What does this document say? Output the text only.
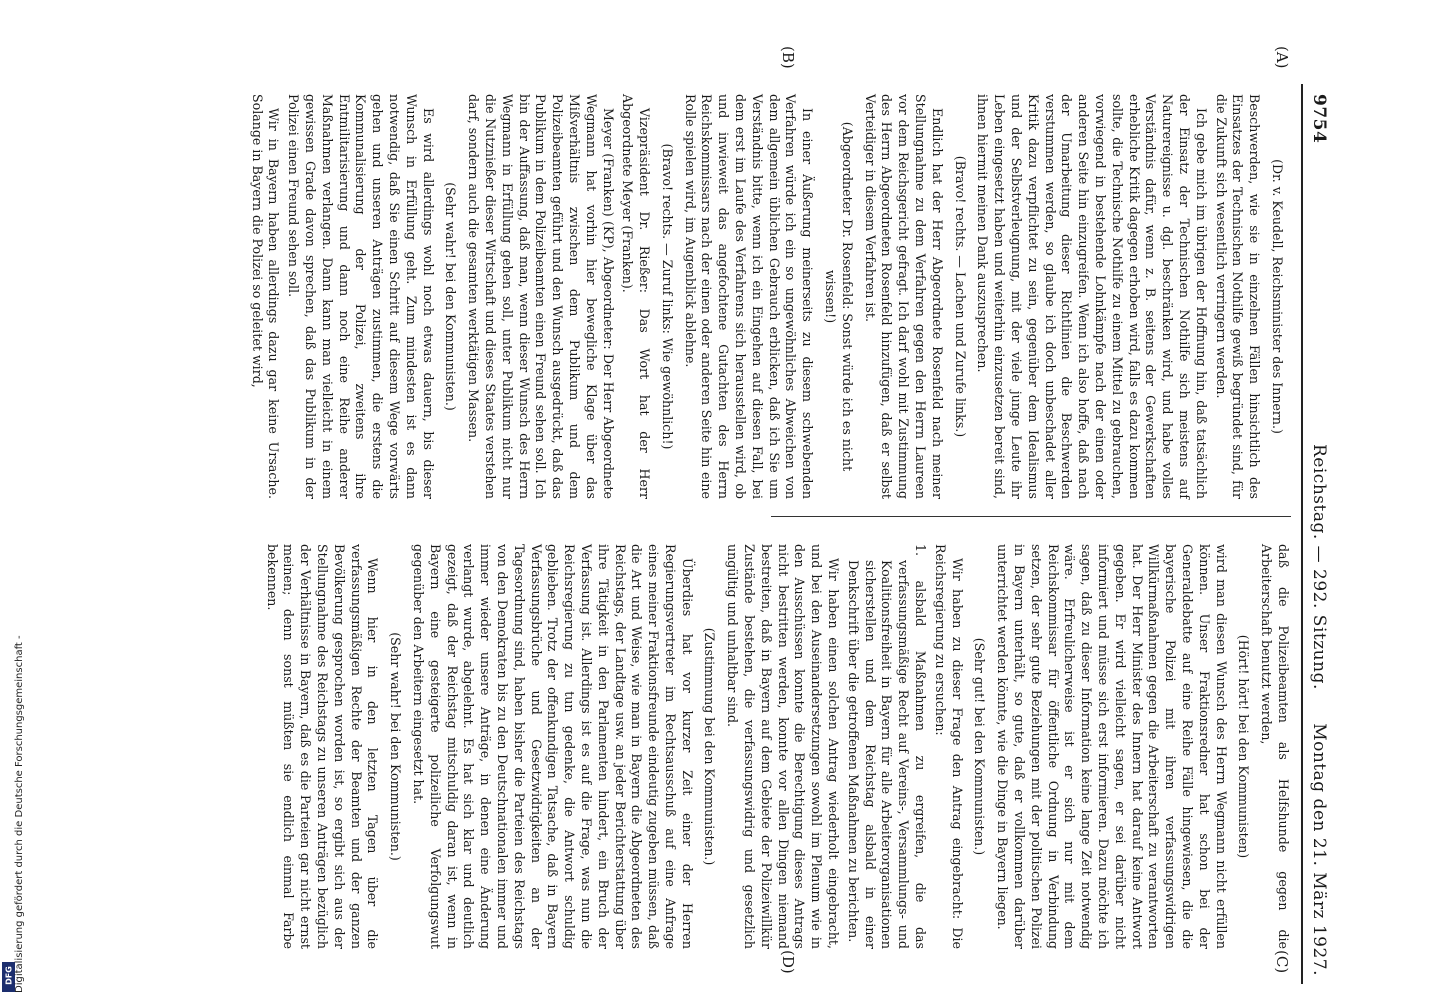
9754
Reichstag. — 292. Sitzung.
Montag den 21. März 1927.

(Dr. v. Keudell, Reichsminister des Innern.)

Beschwerden, wie sie in einzelnen Fällen hinsichtlich des Einsatzes der Technischen Nothilfe gewiß begründet sind, für die Zukunft sich wesentlich verringern werden.

Ich gebe mich im übrigen der Hoffnung hin, daß tatsächlich der Einsatz der Technischen Nothilfe sich meistens auf Naturereignisse u. dgl. beschränken wird, und habe volles Verständnis dafür, wenn z. B. seitens der Gewerkschaften erhebliche Kritik dagegen erhoben wird, falls es dazu kommen sollte, die Technische Nothilfe zu einem Mittel zu gebrauchen, vorwiegend in bestehende Lohnkämpfe nach der einen oder anderen Seite hin einzugreifen. Wenn ich also hoffe, daß nach der Umarbeitung dieser Richtlinien die Beschwerden verstummen werden, so glaube ich doch unbeschadet aller Kritik dazu verpflichtet zu sein, gegenüber dem Idealismus und der Selbstverleugnung, mit der viele junge Leute ihr Leben eingesetzt haben und weiterhin einzusetzen bereit sind, ihnen hiermit meinen Dank auszusprechen.

(Bravo! rechts. — Lachen und Zurufe links.)

Endlich hat der Herr Abgeordnete Rosenfeld nach meiner Stellungnahme zu dem Verfahren gegen den Herrn Laureen vor dem Reichsgericht gefragt. Ich darf wohl mit Zustimmung des Herrn Abgeordneten Rosenfeld hinzufügen, daß er selbst Verteidiger in diesem Verfahren ist.

(Abgeordneter Dr. Rosenfeld: Sonst würde ich es nicht wissen!)

In einer Äußerung meinerseits zu diesem schwebenden Verfahren würde ich ein so ungewöhnliches Abweichen von dem allgemein üblichen Gebrauch erblicken, daß ich Sie um Verständnis bitte, wenn ich ein Eingehen auf diesen Fall, bei dem erst im Laufe des Verfahrens sich herausstellen wird, ob und inwieweit das angefochtene Gutachten des Herrn Reichskommissars nach der einen oder anderen Seite hin eine Rolle spielen wird, im Augenblick ablehne.

(Bravo! rechts. — Zuruf links: Wie gewöhnlich!)

Vizepräsident Dr. Rießer: Das Wort hat der Herr Abgeordnete Meyer (Franken).

Meyer (Franken) (KP), Abgeordneter: Der Herr Abgeordnete Wegmann hat vorhin hier bewegliche Klage über das Mißverhältnis zwischen dem Publikum und dem Polizeibeamten geführt und den Wunsch ausgedrückt, daß das Publikum in dem Polizeibeamten einen Freund sehen soll. Ich bin der Auffassung, daß man, wenn dieser Wunsch des Herrn Wegmann in Erfüllung gehen soll, unter Publikum nicht nur die Nutznießer dieser Wirtschaft und dieses Staates verstehen darf, sondern auch die gesamten werktätigen Massen.

(Sehr wahr! bei den Kommunisten.)

Es wird allerdings wohl noch etwas dauern, bis dieser Wunsch in Erfüllung geht. Zum mindesten ist es dann notwendig, daß Sie einen Schritt auf diesem Wege vorwärts gehen und unseren Anträgen zustimmen, die erstens die Kommunalisierung der Polizei, zweitens ihre Entmilitarisierung und dann noch eine Reihe anderer Maßnahmen verlangen. Dann kann man vielleicht in einem gewissen Grade davon sprechen, daß das Publikum in der Polizei einen Freund sehen soll.

Wir in Bayern haben allerdings dazu gar keine Ursache. Solange in Bayern die Polizei so geleitet wird,

daß die Polizeibeamten als Helfshunde gegen die Arbeiterschaft benutzt werden,

(Hört! hört! bei den Kommunisten)

wird man diesen Wunsch des Herrn Wegmann nicht erfüllen können. Unser Fraktionsredner hat schon bei der Generaldebatte auf eine Reihe Fälle hingewiesen, die die bayerische Polizei mit ihren verfassungswidrigen Willkürmaßnahmen gegen die Arbeiterschaft zu verantworten hat. Der Herr Minister des Innern hat darauf keine Antwort gegeben. Er wird vielleicht sagen, er sei darüber nicht informiert und müsse sich erst informieren. Dazu möchte ich sagen, daß zu dieser Information keine lange Zeit notwendig wäre. Erfreulicherweise ist er sich nur mit dem Reichskommissar für öffentliche Ordnung in Verbindung setzen, der sehr gute Beziehungen mit der politischen Polizei in Bayern unterhält, so gute, daß er vollkommen darüber unterrichtet werden könnte, wie die Dinge in Bayern liegen.

(Sehr gut! bei den Kommunisten.)

Wir haben zu dieser Frage den Antrag eingebracht: Die Reichsregierung zu ersuchen:

1. alsbald Maßnahmen zu ergreifen, die das verfassungsmäßige Recht auf Vereins-, Versammlungs- und Koalitionsfreiheit in Bayern für alle Arbeiterorganisationen sicherstellen und dem Reichstag alsbald in einer Denkschrift über die getroffenen Maßnahmen zu berichten.

Wir haben einen solchen Antrag wiederholt eingebracht, und bei den Auseinandersetzungen sowohl im Plenum wie in den Ausschüssen konnte die Berechtigung dieses Antrags nicht bestritten werden, konnte vor allen Dingen niemand bestreiten, daß in Bayern auf dem Gebiete der Polizeiwillkür Zustände bestehen, die verfassungswidrig und gesetzlich ungültig und unhaltbar sind.

(Zustimmung bei den Kommunisten.)

Überdies hat vor kurzer Zeit einer der Herren Regierungsvertreter im Rechtsausschuß auf eine Anfrage eines meiner Fraktionsfreunde eindeutig zugeben müssen, daß die Art und Weise, wie man in Bayern die Abgeordneten des Reichstags, der Landtage usw. an jeder Berichterstattung über ihre Tätigkeit in den Parlamenten hindert, ein Bruch der Verfassung ist. Allerdings ist es auf die Frage, was nun die Reichsregierung zu tun gedenke, die Antwort schuldig geblieben. Trotz der offenkundigen Tatsache, daß in Bayern Verfassungsbrüche und Gesetzwidrigkeiten an der Tagesordnung sind, haben bisher die Parteien des Reichstags von den Demokraten bis zu den Deutschnationalen immer und immer wieder unsere Anträge, in denen eine Änderung verlangt wurde, abgelehnt. Es hat sich klar und deutlich gezeigt, daß der Reichstag mitschuldig daran ist, wenn in Bayern eine gesteigerte polizeiliche Verfolgungswut gegenüber den Arbeitern eingesetzt hat.

(Sehr wahr! bei den Kommunisten.)

Wenn hier in den letzten Tagen über die verfassungsmäßigen Rechte der Beamten und der ganzen Bevölkerung gesprochen worden ist, so ergibt sich aus der Stellungnahme des Reichstags zu unseren Anträgen bezüglich der Verhältnisse in Bayern, daß es die Parteien gar nicht ernst meinen; denn sonst müßten sie endlich einmal Farbe bekennen.

(A)
(B)
(C)
(D)
DFG Digitalisierung gefördert durch die Deutsche Forschungsgemeinschaft -
